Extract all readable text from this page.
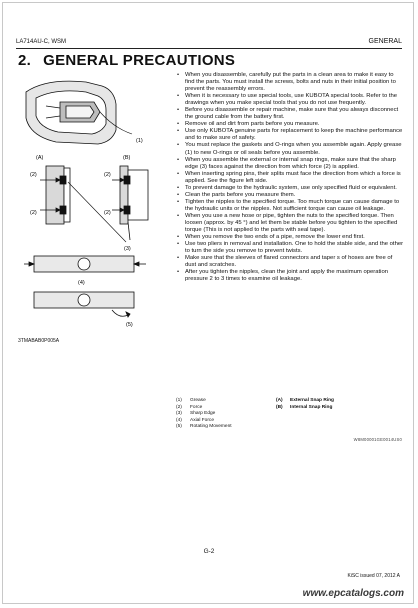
LA714AU-C, WSM	GENERAL
2. GENERAL PRECAUTIONS
(1)
(A)	(B)
(2)
(2)
(2)
(2)
(3)
(4)
(5)
3TMABAB0P005A
• When you disassemble, carefully put the parts in a clean area to make it easy to find the parts. You must install the screws, bolts and nuts in their initial position to prevent the reassembly errors.
• When it is necessary to use special tools, use KUBOTA special tools. Refer to the drawings when you make special tools that you do not use frequently.
• Before you disassemble or repair machine, make sure that you always disconnect the ground cable from the battery first.
• Remove oil and dirt from parts before you measure.
• Use only KUBOTA genuine parts for replacement to keep the machine performance and to make sure of safety.
• You must replace the gaskets and O-rings when you assemble again. Apply grease (1) to new O-rings or oil seals before you assemble.
• When you assemble the external or internal snap rings, make sure that the sharp edge (3) faces against the direction from which force (2) is applied.
• When inserting spring pins, their splits must face the direction from which a force is applied. See the figure left side.
• To prevent damage to the hydraulic system, use only specified fluid or equivalent.
• Clean the parts before you measure them.
• Tighten the nipples to the specified torque. Too much torque can cause damage to the hydraulic units or the nipples. Not sufficient torque can cause oil leakage.
• When you use a new hose or pipe, tighten the nuts to the specified torque. Then loosen (approx. by 45 °) and let them be stable before you tighten to the specified torque (This is not applied to the parts with seal tape).
• When you remove the two ends of a pipe, remove the lower end first.
• Use two pliers in removal and installation. One to hold the stable side, and the other to turn the side you remove to prevent twists.
• Make sure that the sleeves of flared connectors and taper s of hoses are free of dust and scratches.
• After you tighten the nipples, clean the joint and apply the maximum operation pressure 2 to 3 times to examine oil leakage.
(1)	Grease
(2)	Force
(3)	Sharp Edge
(4)	Axial Force
(5)	Rotating Movement
(A)	External Snap Ring
(B)	Internal Snap Ring
W8M00001GE0014US0
G-2
KiSC issued 07, 2012 A
www.epcatalogs.com
